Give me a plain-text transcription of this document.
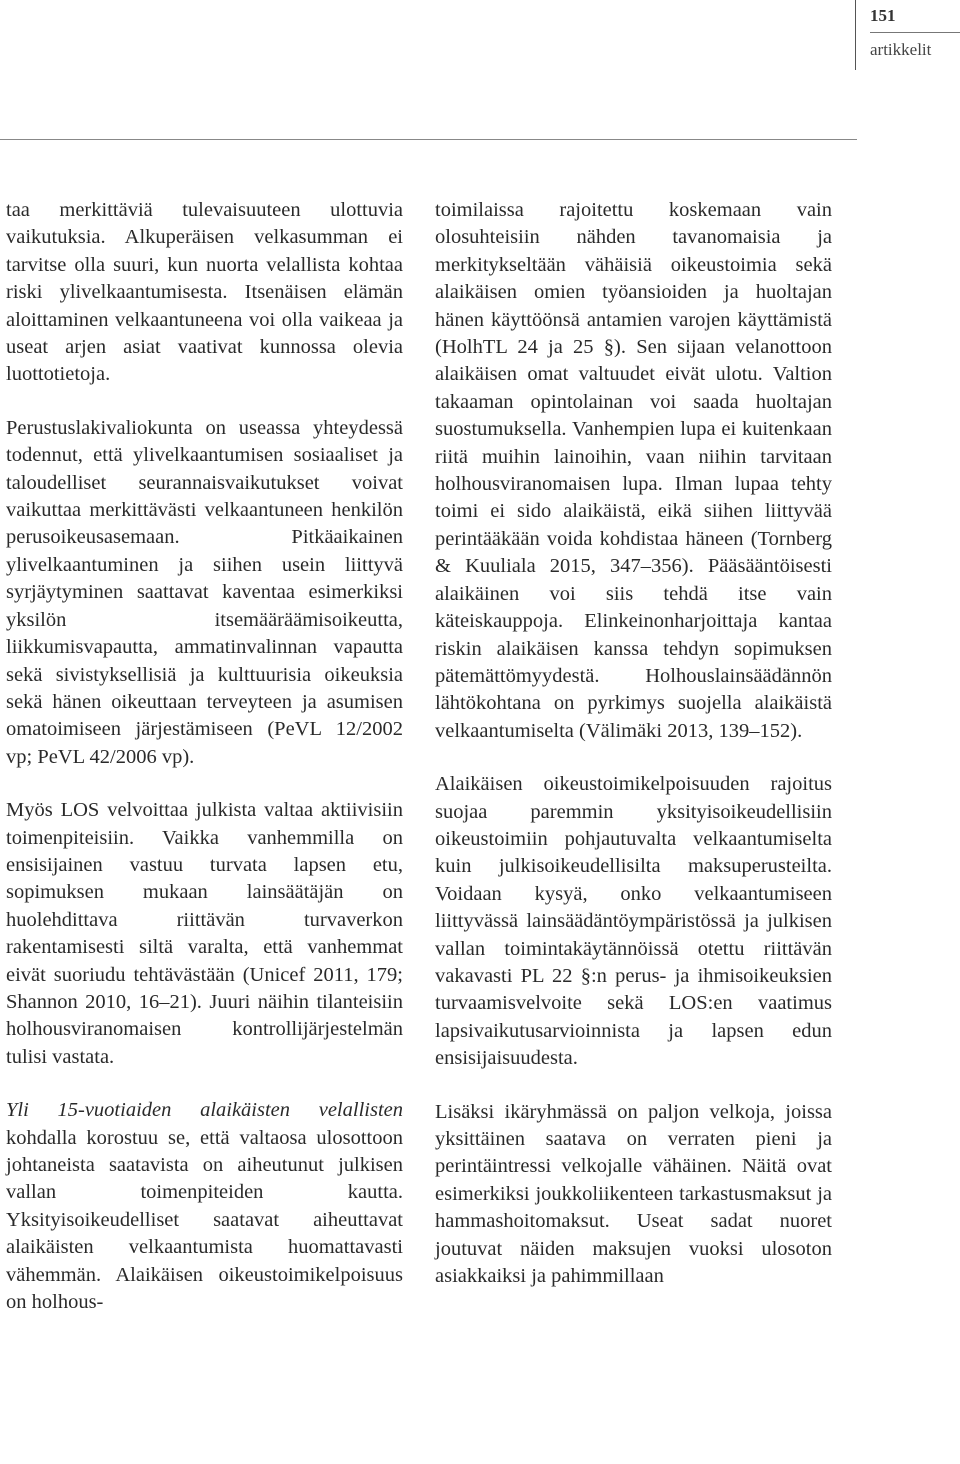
151
artikkelit

taa merkittäviä tulevaisuuteen ulottuvia vaikutuksia. Alkuperäisen velkasumman ei tarvitse olla suuri, kun nuorta velallista kohtaa riski ylivelkaantumisesta. Itsenäisen elämän aloittaminen velkaantuneena voi olla vaikeaa ja useat arjen asiat vaativat kunnossa olevia luottotietoja.

Perustuslakivaliokunta on useassa yhteydessä todennut, että ylivelkaantumisen sosiaaliset ja taloudelliset seurannaisvaikutukset voivat vaikuttaa merkittävästi velkaantuneen henkilön perusoikeusasemaan. Pitkäaikainen ylivelkaantuminen ja siihen usein liittyvä syrjäytyminen saattavat kaventaa esimerkiksi yksilön itsemääräämisoikeutta, liikkumisvapautta, ammatinvalinnan vapautta sekä sivistyksellisiä ja kulttuurisia oikeuksia sekä hänen oikeuttaan terveyteen ja asumisen omatoimiseen järjestämiseen (PeVL 12/2002 vp; PeVL 42/2006 vp).

Myös LOS velvoittaa julkista valtaa aktiivisiin toimenpiteisiin. Vaikka vanhemmilla on ensisijainen vastuu turvata lapsen etu, sopimuksen mukaan lainsäätäjän on huolehdittava riittävän turvaverkon rakentamisesti siltä varalta, että vanhemmat eivät suoriudu tehtävästään (Unicef 2011, 179; Shannon 2010, 16–21). Juuri näihin tilanteisiin holhousviranomaisen kontrollijärjestelmän tulisi vastata.

Yli 15-vuotiaiden alaikäisten velallisten kohdalla korostuu se, että valtaosa ulosottoon johtaneista saatavista on aiheutunut julkisen vallan toimenpiteiden kautta. Yksityisoikeudelliset saatavat aiheuttavat alaikäisten velkaantumista huomattavasti vähemmän. Alaikäisen oikeustoimikelpoisuus on holhous-

toimilaissa rajoitettu koskemaan vain olosuhteisiin nähden tavanomaisia ja merkitykseltään vähäisiä oikeustoimia sekä alaikäisen omien työansioiden ja huoltajan hänen käyttöönsä antamien varojen käyttämistä (HolhTL 24 ja 25 §). Sen sijaan velanottoon alaikäisen omat valtuudet eivät ulotu. Valtion takaaman opintolainan voi saada huoltajan suostumuksella. Vanhempien lupa ei kuitenkaan riitä muihin lainoihin, vaan niihin tarvitaan holhousviranomaisen lupa. Ilman lupaa tehty toimi ei sido alaikäistä, eikä siihen liittyvää perintääkään voida kohdistaa häneen (Tornberg & Kuuliala 2015, 347–356). Pääsääntöisesti alaikäinen voi siis tehdä itse vain käteiskauppoja. Elinkeinonharjoittaja kantaa riskin alaikäisen kanssa tehdyn sopimuksen pätemättömyydestä. Holhouslainsäädännön lähtökohtana on pyrkimys suojella alaikäistä velkaantumiselta (Välimäki 2013, 139–152).

Alaikäisen oikeustoimikelpoisuuden rajoitus suojaa paremmin yksityisoikeudellisiin oikeustoimiin pohjautuvalta velkaantumiselta kuin julkisoikeudellisilta maksuperusteilta. Voidaan kysyä, onko velkaantumiseen liittyvässä lainsäädäntöympäristössä ja julkisen vallan toimintakäytännöissä otettu riittävän vakavasti PL 22 §:n perus- ja ihmisoikeuksien turvaamisvelvoite sekä LOS:en vaatimus lapsivaikutusarvioinnista ja lapsen edun ensisijaisuudesta.

Lisäksi ikäryhmässä on paljon velkoja, joissa yksittäinen saatava on verraten pieni ja perintäintressi velkojalle vähäinen. Näitä ovat esimerkiksi joukkoliikenteen tarkastusmaksut ja hammashoitomaksut. Useat sadat nuoret joutuvat näiden maksujen vuoksi ulosoton asiakkaiksi ja pahimmillaan
